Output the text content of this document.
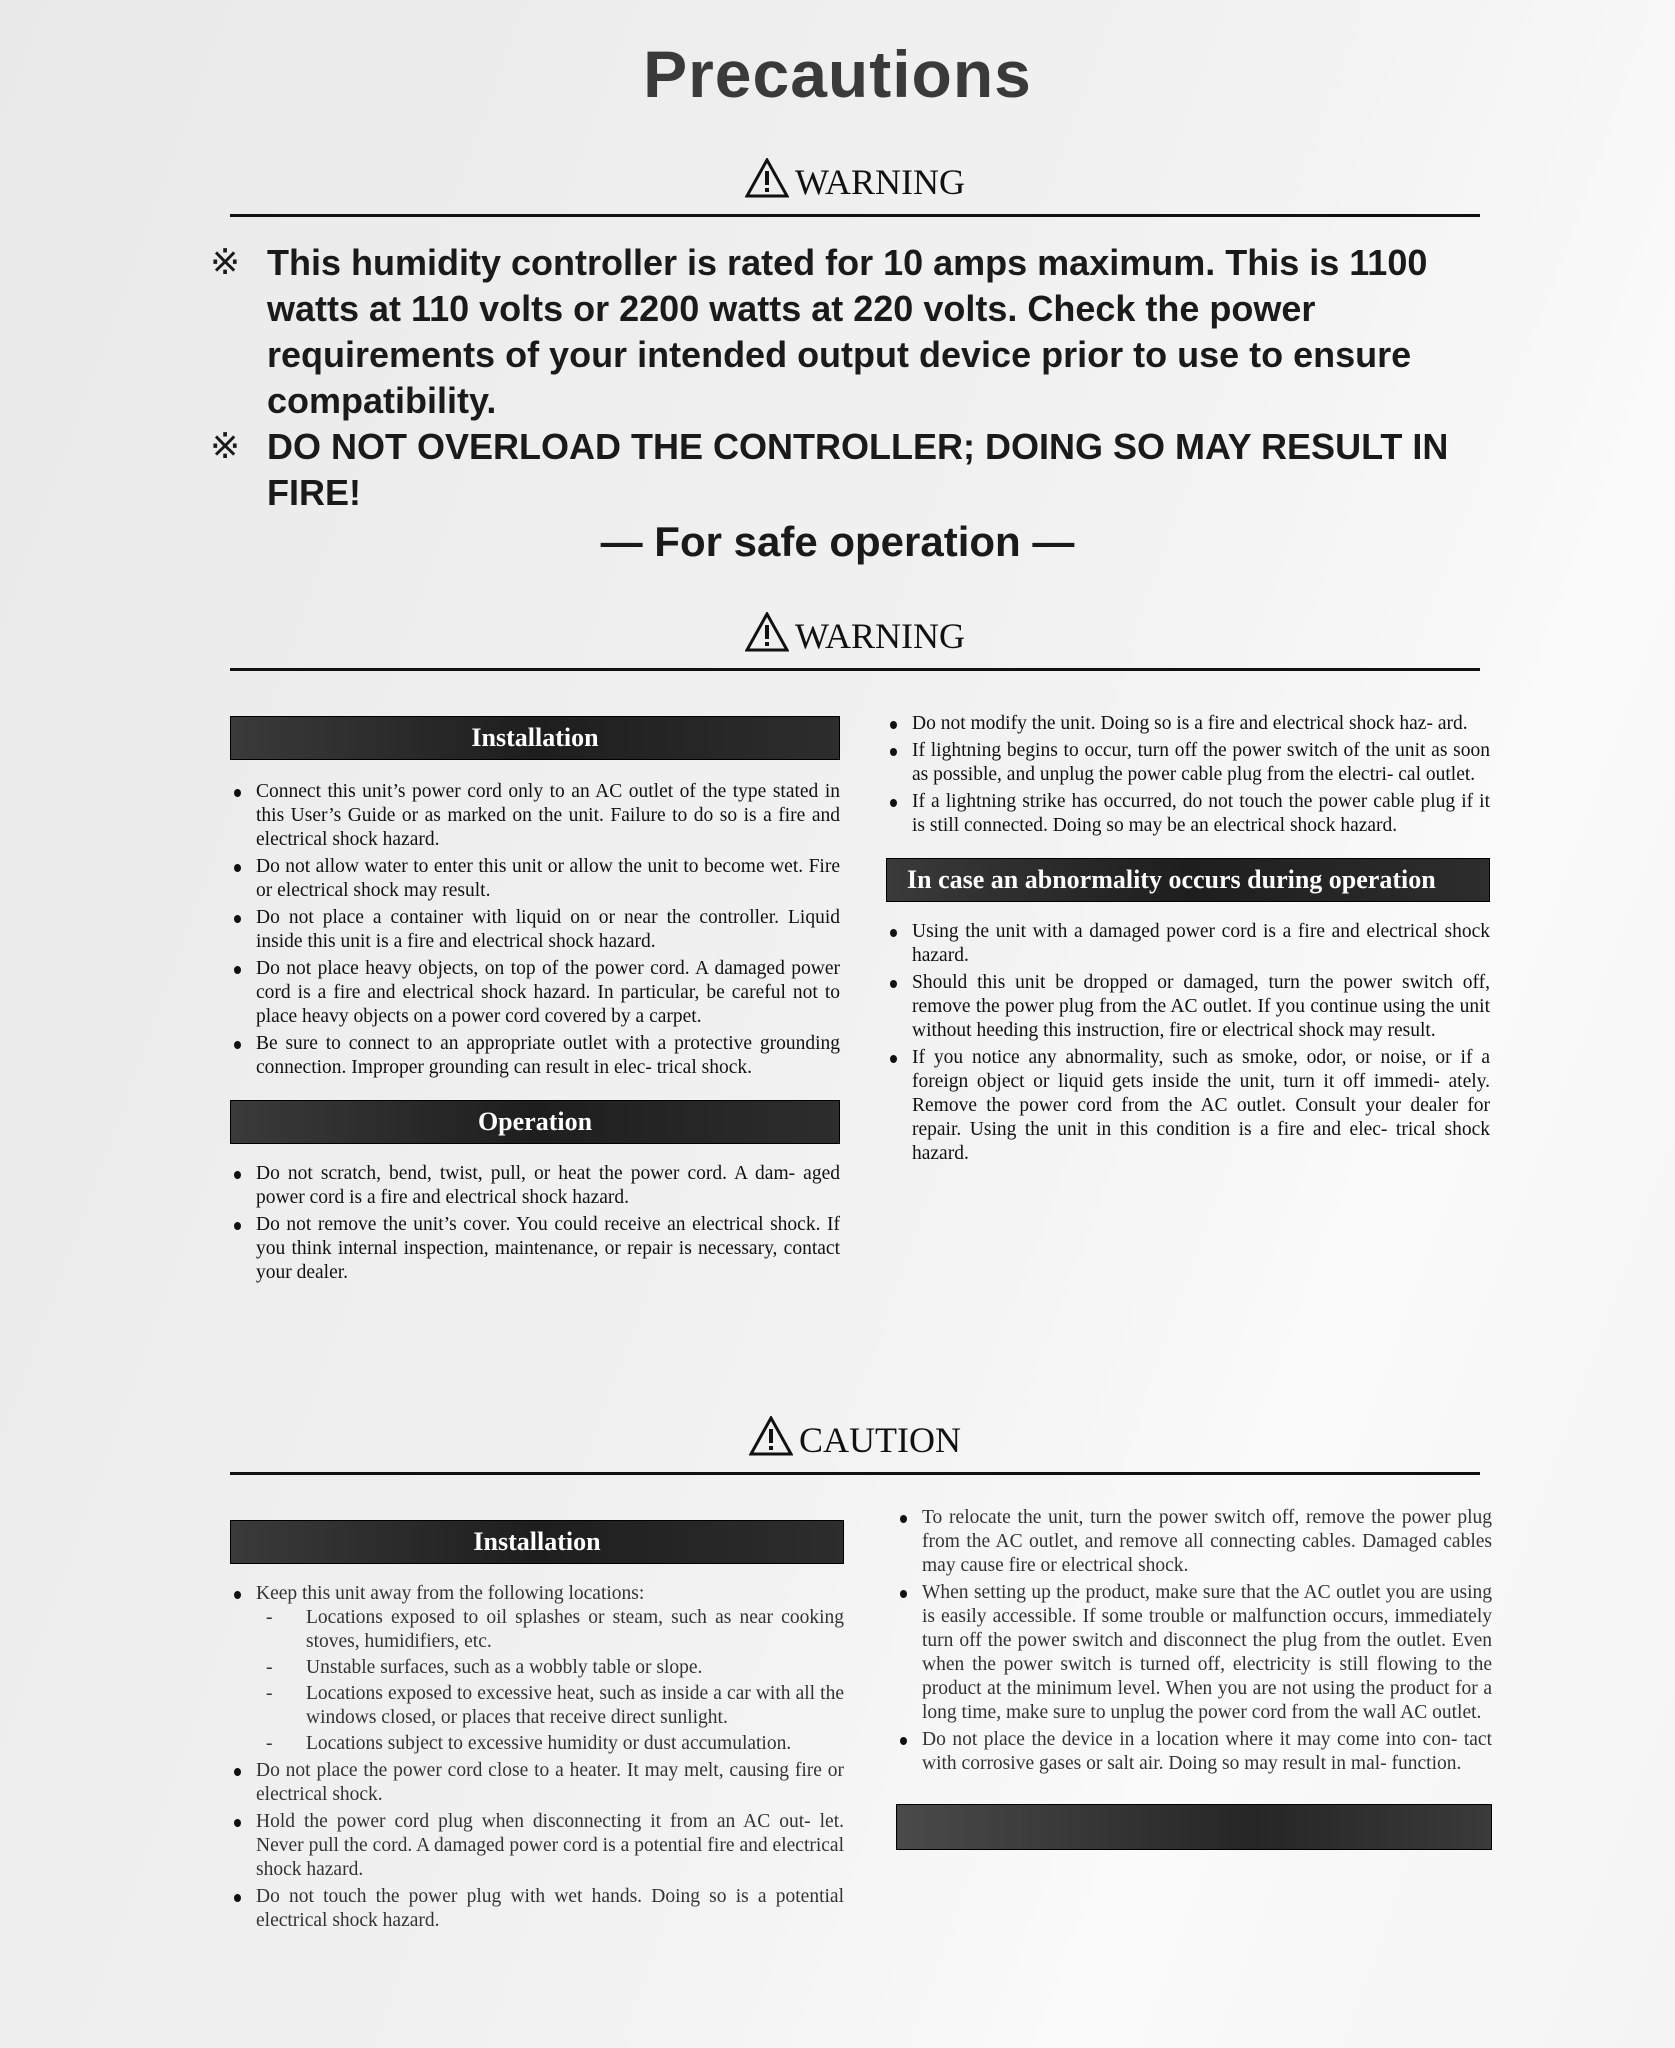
Precautions
WARNING
※ This humidity controller is rated for 10 amps maximum. This is 1100 watts at 110 volts or 2200 watts at 220 volts. Check the power requirements of your intended output device prior to use to ensure compatibility.
※ DO NOT OVERLOAD THE CONTROLLER; DOING SO MAY RESULT IN FIRE!
— For safe operation —
WARNING
Installation
Connect this unit’s power cord only to an AC outlet of the type stated in this User’s Guide or as marked on the unit. Failure to do so is a fire and electrical shock hazard.
Do not allow water to enter this unit or allow the unit to become wet. Fire or electrical shock may result.
Do not place a container with liquid on or near the controller. Liquid inside this unit is a fire and electrical shock hazard.
Do not place heavy objects, on top of the power cord. A damaged power cord is a fire and electrical shock hazard. In particular, be careful not to place heavy objects on a power cord covered by a carpet.
Be sure to connect to an appropriate outlet with a protective grounding connection. Improper grounding can result in elec- trical shock.
Operation
Do not scratch, bend, twist, pull, or heat the power cord. A dam- aged power cord is a fire and electrical shock hazard.
Do not remove the unit’s cover. You could receive an electrical shock. If you think internal inspection, maintenance, or repair is necessary, contact your dealer.
Do not modify the unit. Doing so is a fire and electrical shock haz- ard.
If lightning begins to occur, turn off the power switch of the unit as soon as possible, and unplug the power cable plug from the electri- cal outlet.
If a lightning strike has occurred, do not touch the power cable plug if it is still connected. Doing so may be an electrical shock hazard.
In case an abnormality occurs during operation
Using the unit with a damaged power cord is a fire and electrical shock hazard.
Should this unit be dropped or damaged, turn the power switch off, remove the power plug from the AC outlet. If you continue using the unit without heeding this instruction, fire or electrical shock may result.
If you notice any abnormality, such as smoke, odor, or noise, or if a foreign object or liquid gets inside the unit, turn it off immedi- ately. Remove the power cord from the AC outlet. Consult your dealer for repair. Using the unit in this condition is a fire and elec- trical shock hazard.
CAUTION
Installation
Keep this unit away from the following locations:
- Locations exposed to oil splashes or steam, such as near cooking stoves, humidifiers, etc.
- Unstable surfaces, such as a wobbly table or slope.
- Locations exposed to excessive heat, such as inside a car with all the windows closed, or places that receive direct sunlight.
- Locations subject to excessive humidity or dust accumulation.
Do not place the power cord close to a heater. It may melt, causing fire or electrical shock.
Hold the power cord plug when disconnecting it from an AC out- let. Never pull the cord. A damaged power cord is a potential fire and electrical shock hazard.
Do not touch the power plug with wet hands. Doing so is a potential electrical shock hazard.
To relocate the unit, turn the power switch off, remove the power plug from the AC outlet, and remove all connecting cables. Damaged cables may cause fire or electrical shock.
When setting up the product, make sure that the AC outlet you are using is easily accessible. If some trouble or malfunction occurs, immediately turn off the power switch and disconnect the plug from the outlet. Even when the power switch is turned off, electricity is still flowing to the product at the minimum level. When you are not using the product for a long time, make sure to unplug the power cord from the wall AC outlet.
Do not place the device in a location where it may come into con- tact with corrosive gases or salt air. Doing so may result in mal- function.
